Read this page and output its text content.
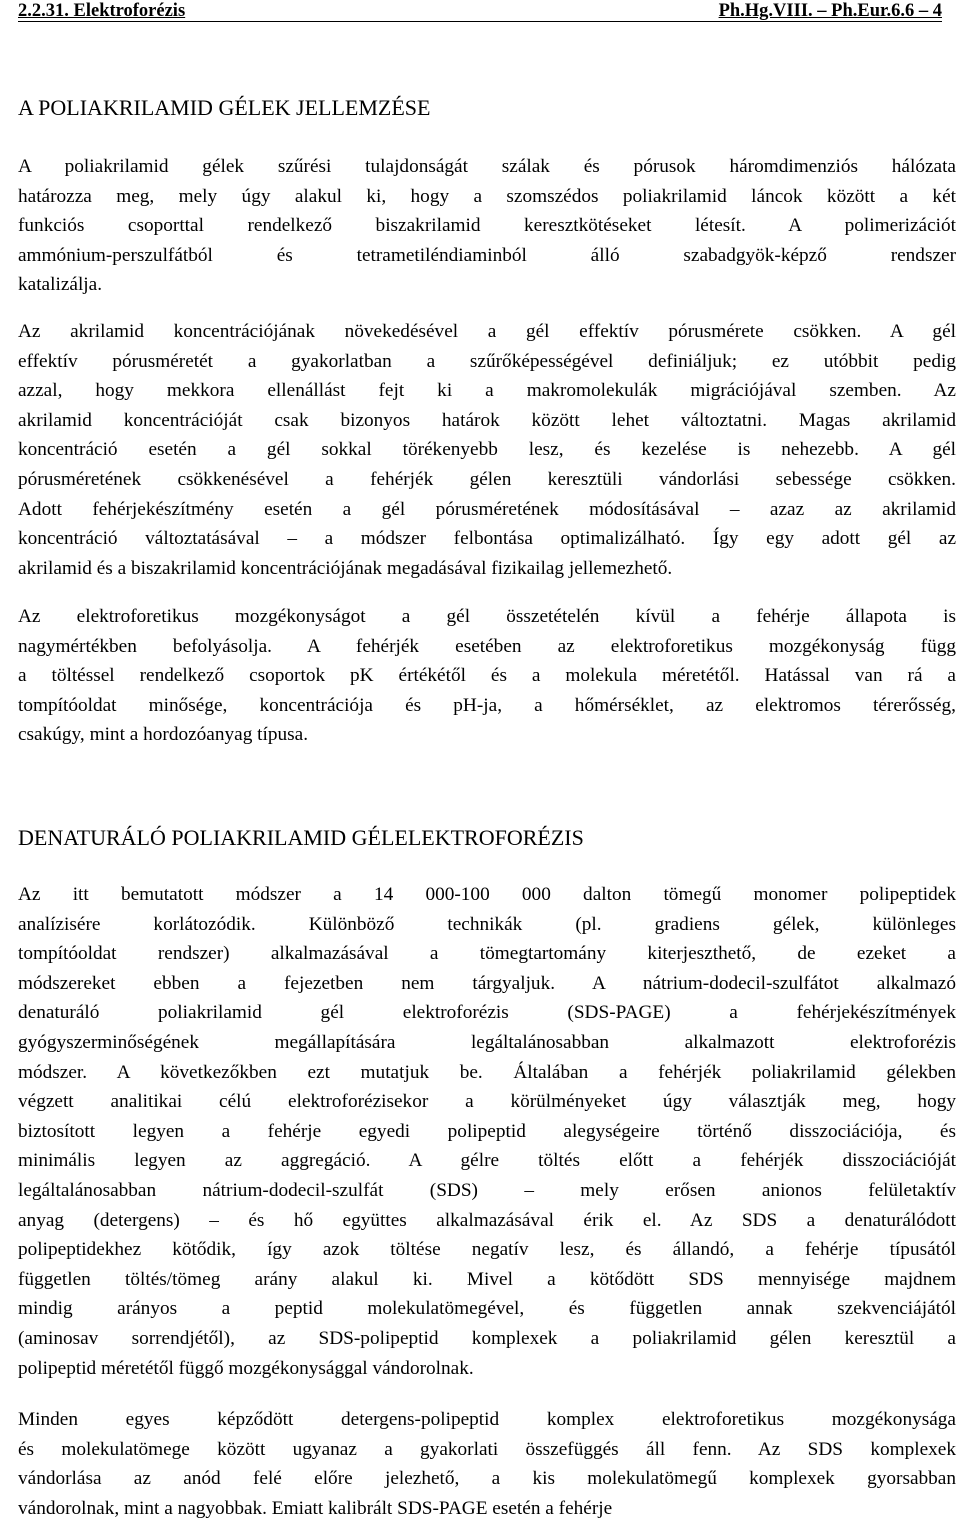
2.2.31. Elektroforézis	Ph.Hg.VIII. – Ph.Eur.6.6 – 4
A POLIAKRILAMID GÉLEK JELLEMZÉSE
A poliakrilamid gélek szűrési tulajdonságát szálak és pórusok háromdimenziós hálózata
határozza meg, mely úgy alakul ki, hogy a szomszédos poliakrilamid láncok között a két
funkciós csoporttal rendelkező biszakrilamid keresztkötéseket létesít. A polimerizációt
ammónium-perszulfátból és tetrametiléndiaminból álló szabadgyök-képző rendszer
katalizálja.
Az akrilamid koncentrációjának növekedésével a gél effektív pórusmérete csökken. A gél
effektív pórusméretét a gyakorlatban a szűrőképességével definiáljuk; ez utóbbit pedig
azzal, hogy mekkora ellenállást fejt ki a makromolekulák migrációjával szemben. Az
akrilamid koncentrációját csak bizonyos határok között lehet változtatni. Magas akrilamid
koncentráció esetén a gél sokkal törékenyebb lesz, és kezelése is nehezebb. A gél
pórusméretének csökkenésével a fehérjék gélen keresztüli vándorlási sebessége csökken.
Adott fehérjekészítmény esetén a gél pórusméretének módosításával – azaz az akrilamid
koncentráció változtatásával – a módszer felbontása optimalizálható. Így egy adott gél az
akrilamid és a biszakrilamid koncentrációjának megadásával fizikailag jellemezhető.
Az elektroforetikus mozgékonyságot a gél összetételén kívül a fehérje állapota is
nagymértékben befolyásolja. A fehérjék esetében az elektroforetikus mozgékonyság függ
a töltéssel rendelkező csoportok pK értékétől és a molekula méretétől. Hatással van rá a
tompítóoldat minősége, koncentrációja és pH-ja, a hőmérséklet, az elektromos térerősség,
csakúgy, mint a hordozóanyag típusa.
DENATURÁLÓ POLIAKRILAMID GÉLELEKTROFORÉZIS
Az itt bemutatott módszer a 14 000-100 000 dalton tömegű monomer polipeptidek
analízisére korlátozódik. Különböző technikák (pl. gradiens gélek, különleges
tompítóoldat rendszer) alkalmazásával a tömegtartomány kiterjeszthető, de ezeket a
módszereket ebben a fejezetben nem tárgyaljuk. A nátrium-dodecil-szulfátot alkalmazó
denaturáló poliakrilamid gél elektroforézis (SDS-PAGE) a fehérjekészítmények
gyógyszerminőségének megállapítására legáltalánosabban alkalmazott elektroforézis
módszer. A következőkben ezt mutatjuk be. Általában a fehérjék poliakrilamid gélekben
végzett analitikai célú elektroforézisekor a körülményeket úgy választják meg, hogy
biztosított legyen a fehérje egyedi polipeptid alegységeire történő disszociációja, és
minimális legyen az aggregáció. A gélre töltés előtt a fehérjék disszociációját
legáltalánosabban nátrium-dodecil-szulfát (SDS) – mely erősen anionos felületaktív
anyag (detergens) – és hő együttes alkalmazásával érik el. Az SDS a denaturálódott
polipeptidekhez kötődik, így azok töltése negatív lesz, és állandó, a fehérje típusától
független töltés/tömeg arány alakul ki. Mivel a kötődött SDS mennyisége majdnem
mindig arányos a peptid molekulatömegével, és független annak szekvenciájától
(aminosav sorrendjétől), az SDS-polipeptid komplexek a poliakrilamid gélen keresztül a
polipeptid méretétől függő mozgékonysággal vándorolnak.
Minden egyes képződött detergens-polipeptid komplex elektroforetikus mozgékonysága
és molekulatömege között ugyanaz a gyakorlati összefüggés áll fenn. Az SDS komplexek
vándorlása az anód felé előre jelezhető, a kis molekulatömegű komplexek gyorsabban
vándorolnak, mint a nagyobbak. Emiatt kalibrált SDS-PAGE esetén a fehérje
